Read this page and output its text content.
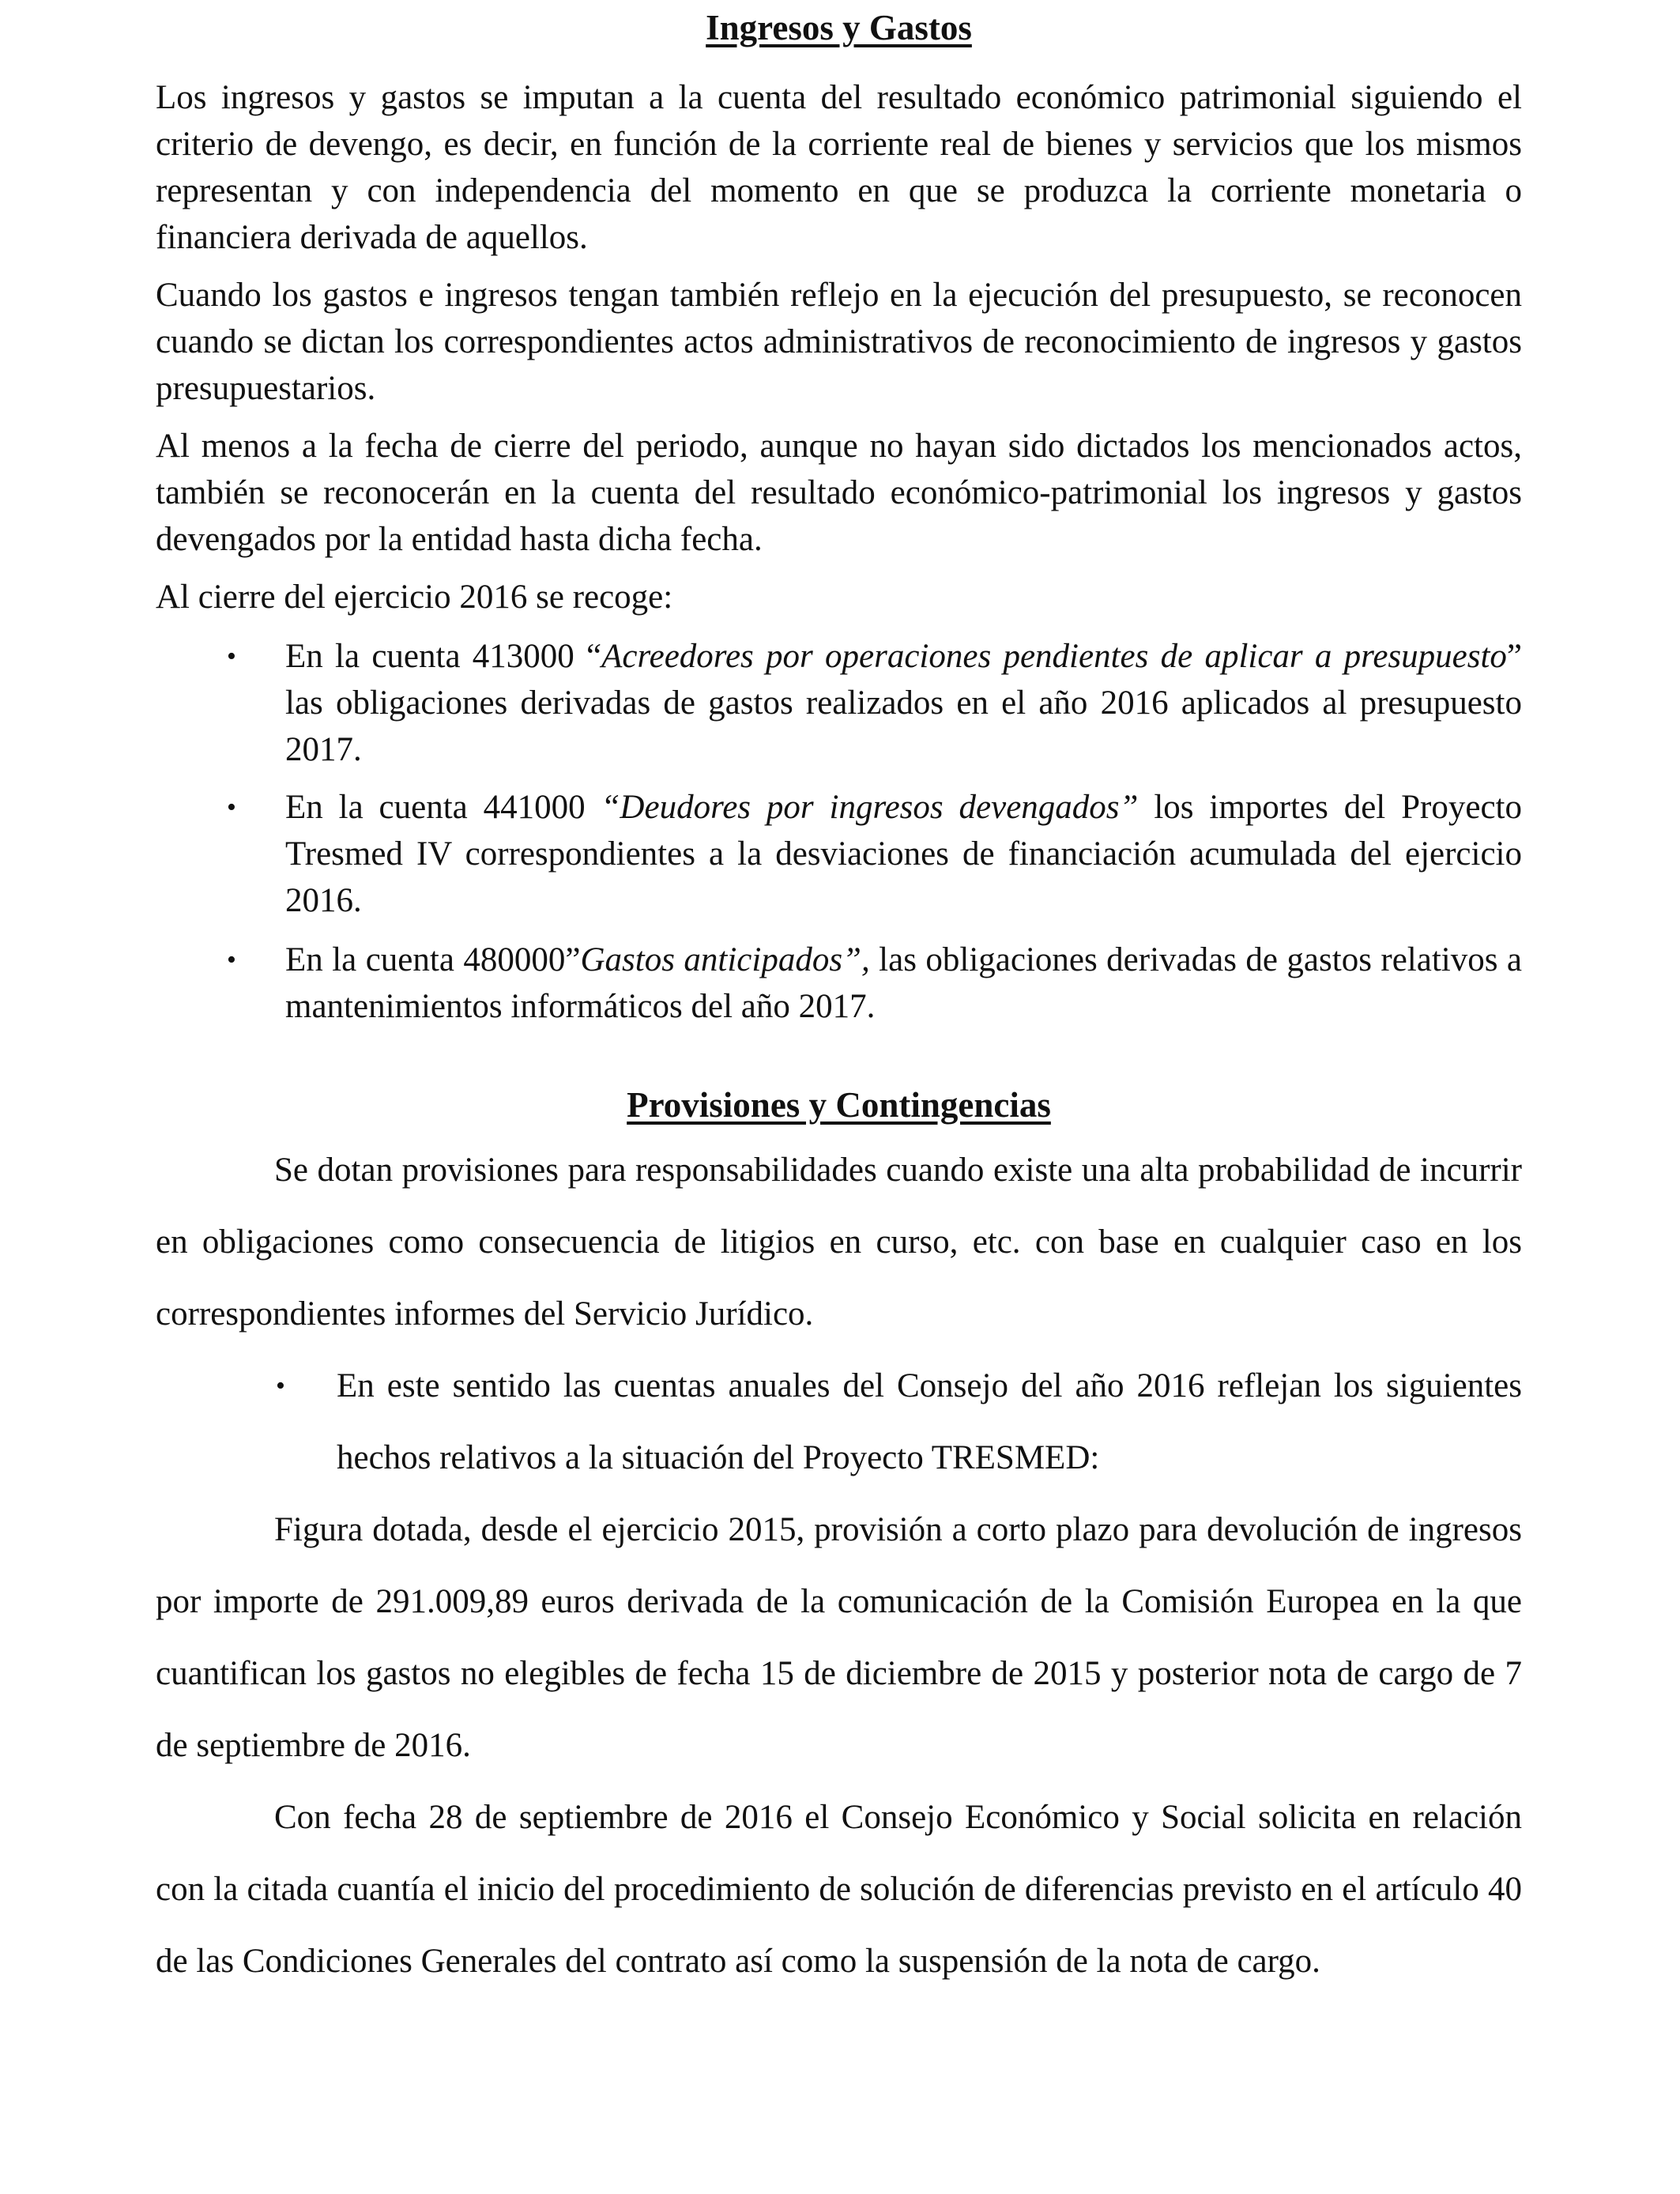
Ingresos y Gastos

Los ingresos y gastos se imputan a la cuenta del resultado económico patrimonial siguiendo el criterio de devengo, es decir, en función de la corriente real de bienes y servicios que los mismos representan y con independencia del momento en que se produzca la corriente monetaria o financiera derivada de aquellos.

Cuando los gastos e ingresos tengan también reflejo en la ejecución del presupuesto, se reconocen cuando se dictan los correspondientes actos administrativos de reconocimiento de ingresos y gastos presupuestarios.

Al menos a la fecha de cierre del periodo, aunque no hayan sido dictados los mencionados actos, también se reconocerán en la cuenta del resultado económico-patrimonial los ingresos y gastos devengados por la entidad hasta dicha fecha.

Al cierre del ejercicio 2016 se recoge:

• En la cuenta 413000 “Acreedores por operaciones pendientes de aplicar a presupuesto” las obligaciones derivadas de gastos realizados en el año 2016 aplicados al presupuesto 2017.
• En la cuenta 441000 “Deudores por ingresos devengados” los importes del Proyecto Tresmed IV correspondientes a la desviaciones de financiación acumulada del ejercicio 2016.
• En la cuenta 480000”Gastos anticipados”, las obligaciones derivadas de gastos relativos a mantenimientos informáticos del año 2017.
Provisiones y Contingencias

Se dotan provisiones para responsabilidades cuando existe una alta probabilidad de incurrir en obligaciones como consecuencia de litigios en curso, etc. con base en cualquier caso en los correspondientes informes del Servicio Jurídico.

• En este sentido las cuentas anuales del Consejo del año 2016 reflejan los siguientes hechos relativos a la situación del Proyecto TRESMED:

Figura dotada, desde el ejercicio 2015, provisión a corto plazo para devolución de ingresos por importe de 291.009,89 euros derivada de la comunicación de la Comisión Europea en la que cuantifican los gastos no elegibles de fecha 15 de diciembre de 2015 y posterior nota de cargo de 7 de septiembre de 2016.

Con fecha 28 de septiembre de 2016 el Consejo Económico y Social solicita en relación con la citada cuantía el inicio del procedimiento de solución de diferencias previsto en el artículo 40 de las Condiciones Generales del contrato así como la suspensión de la nota de cargo.
